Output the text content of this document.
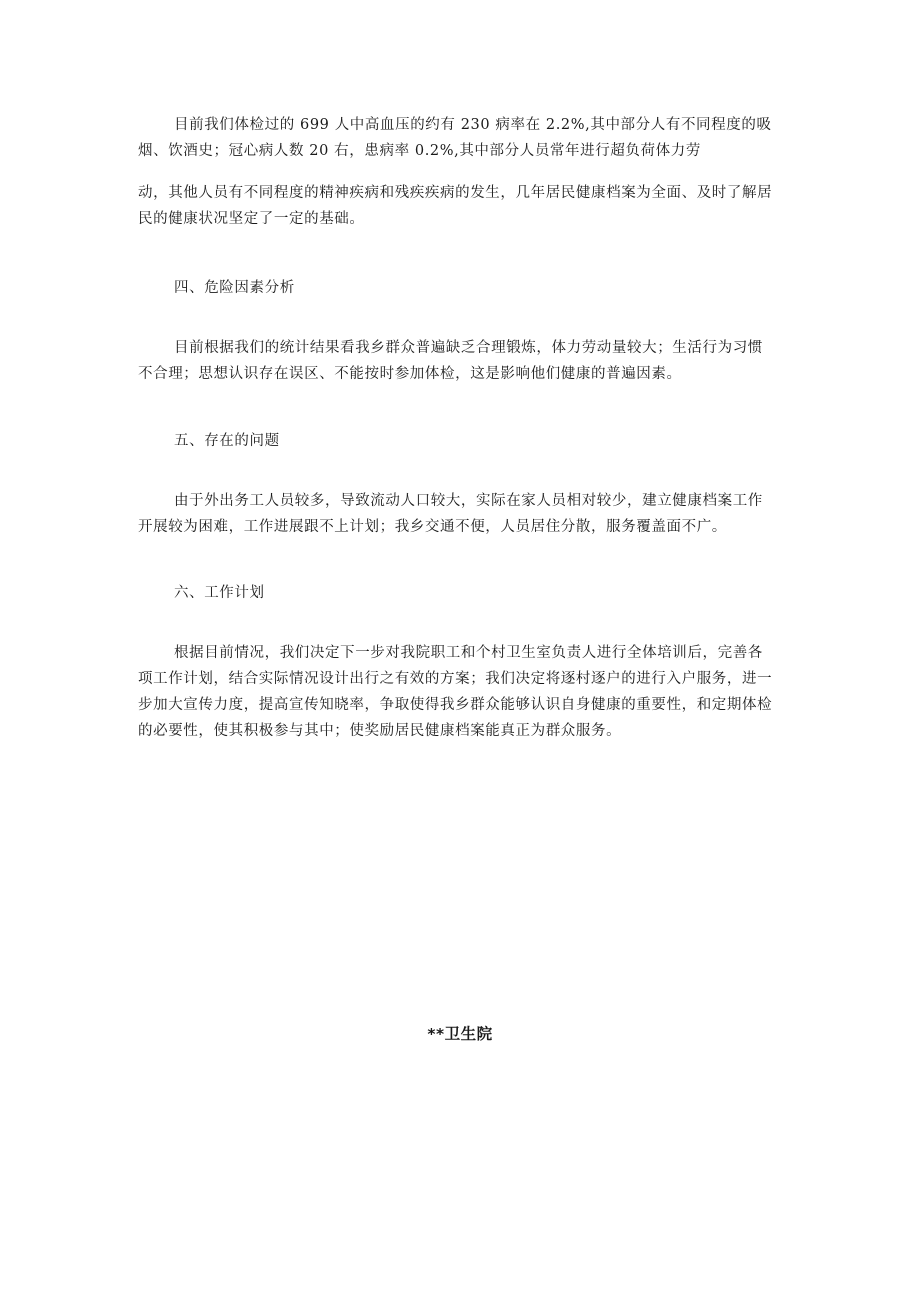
目前我们体检过的 699 人中高血压的约有 230 病率在 2.2%,其中部分人有不同程度的吸
烟、饮酒史；冠心病人数 20 右，患病率 0.2%,其中部分人员常年进行超负荷体力劳
动，其他人员有不同程度的精神疾病和残疾疾病的发生，几年居民健康档案为全面、及时了解居
民的健康状况坚定了一定的基础。
四、危险因素分析
目前根据我们的统计结果看我乡群众普遍缺乏合理锻炼，体力劳动量较大；生活行为习惯
不合理；思想认识存在误区、不能按时参加体检，这是影响他们健康的普遍因素。
五、存在的问题
由于外出务工人员较多，导致流动人口较大，实际在家人员相对较少，建立健康档案工作
开展较为困难，工作进展跟不上计划；我乡交通不便，人员居住分散，服务覆盖面不广。
六、工作计划
根据目前情况，我们决定下一步对我院职工和个村卫生室负责人进行全体培训后，完善各
项工作计划，结合实际情况设计出行之有效的方案；我们决定将逐村逐户的进行入户服务，进一
步加大宣传力度，提高宣传知晓率，争取使得我乡群众能够认识自身健康的重要性，和定期体检
的必要性，使其积极参与其中；使奖励居民健康档案能真正为群众服务。

**卫生院
